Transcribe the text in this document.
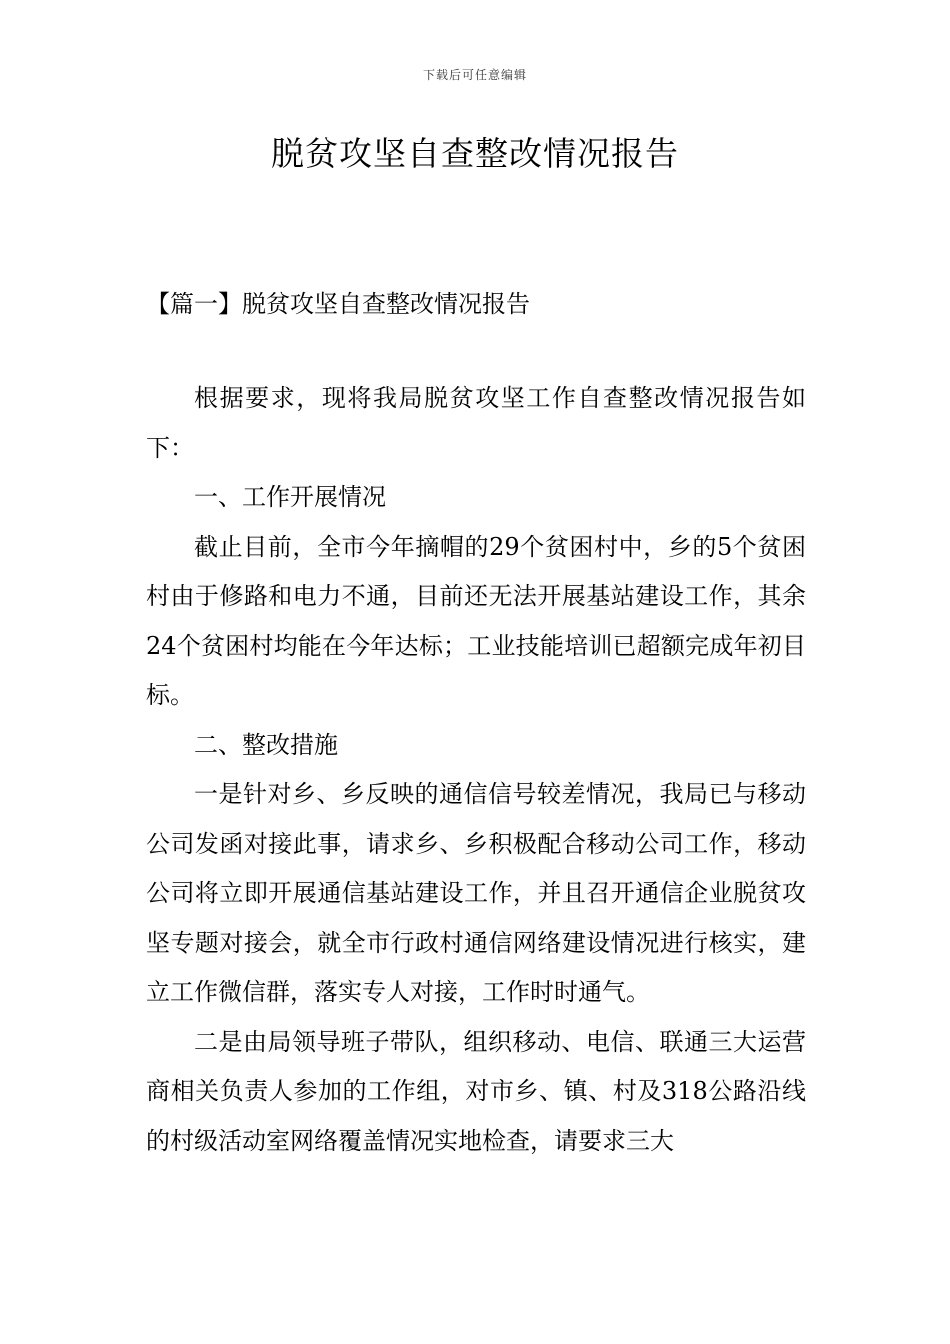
下载后可任意编辑
脱贫攻坚自查整改情况报告
【篇一】脱贫攻坚自查整改情况报告

根据要求，现将我局脱贫攻坚工作自查整改情况报告如下：

一、工作开展情况

截止目前，全市今年摘帽的29个贫困村中，乡的5个贫困村由于修路和电力不通，目前还无法开展基站建设工作，其余24个贫困村均能在今年达标；工业技能培训已超额完成年初目标。

二、整改措施

一是针对乡、乡反映的通信信号较差情况，我局已与移动公司发函对接此事，请求乡、乡积极配合移动公司工作，移动公司将立即开展通信基站建设工作，并且召开通信企业脱贫攻坚专题对接会，就全市行政村通信网络建设情况进行核实，建立工作微信群，落实专人对接，工作时时通气。

二是由局领导班子带队，组织移动、电信、联通三大运营商相关负责人参加的工作组，对市乡、镇、村及318公路沿线的村级活动室网络覆盖情况实地检查，请要求三大
